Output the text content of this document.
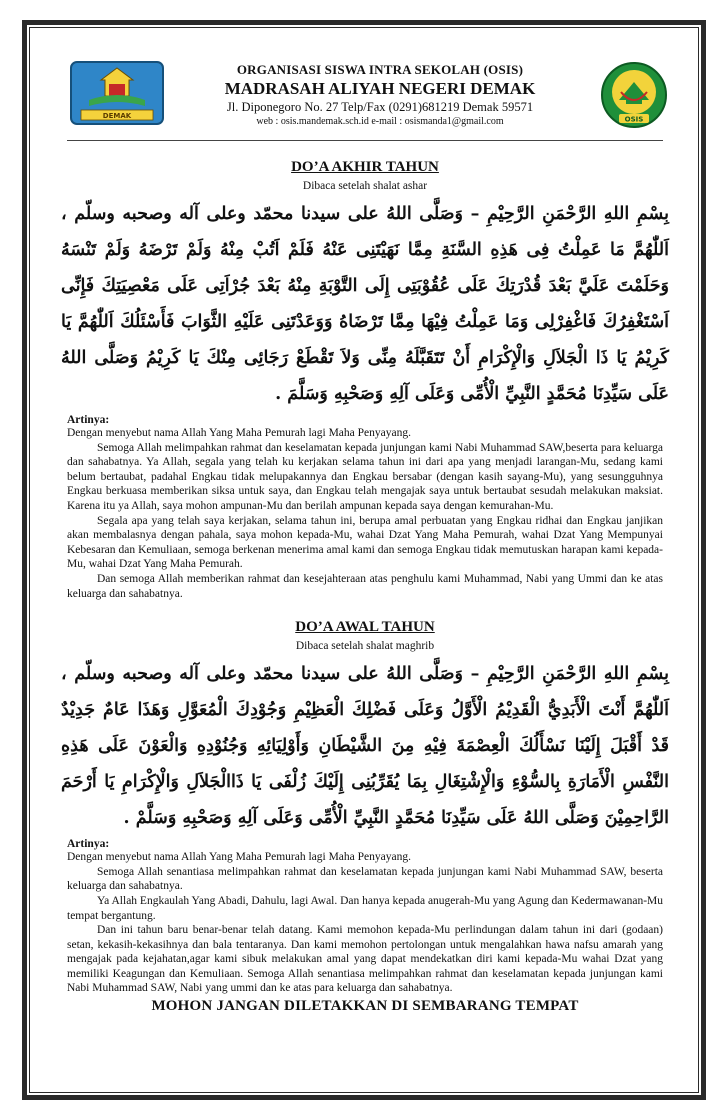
DEMAK
ORGANISASI SISWA INTRA SEKOLAH (OSIS)
MADRASAH ALIYAH NEGERI DEMAK
Jl. Diponegoro No. 27 Telp/Fax (0291)681219 Demak 59571
web : osis.mandemak.sch.id e-mail : osismanda1@gmail.com	OSIS
DO’A AKHIR TAHUN
Dibaca setelah shalat ashar
بِسْمِ اللهِ الرَّحْمَنِ الرَّحِيْمِ – وَصَلَّى اللهُ على سيدنا محمّد وعلى آله وصحبه وسلّم ، اَللّٰهُمَّ مَا عَمِلْتُ فِى هَذِهِ السَّنَةِ مِمَّا نَهَيْتَنِى عَنْهُ فَلَمْ اَتُبْ مِنْهُ وَلَمْ تَرْضَهُ وَلَمْ تَنْسَهُ وَحَلَمْتَ عَلَيَّ بَعْدَ قُدْرَتِكَ عَلَى عُقُوْبَتِى إِلَى التَّوْبَةِ مِنْهُ بَعْدَ جُرْاَتِى عَلَى مَعْصِيَتِكَ فَإِنِّى اَسْتَغْفِرُكَ فَاغْفِرْلِى وَمَا عَمِلْتُ فِيْهَا مِمَّا تَرْضَاهُ وَوَعَدْتَنِى عَلَيْهِ الثَّوَابَ فَأَسْئَلُكَ اَللّٰهُمَّ يَا كَرِيْمُ يَا ذَا الْجَلاَلِ وَالْإِكْرَامِ أَنْ تَتَقَبَّلَهُ مِنِّى وَلاَ تَقْطَعْ رَجَائِى مِنْكَ يَا كَرِيْمُ وَصَلَّى اللهُ عَلَى سَيِّدِنَا مُحَمَّدٍ النَّبِيِّ الْأُمِّى وَعَلَى آلِهِ وَصَحْبِهِ وَسَلَّمَ .
Artinya:

Dengan menyebut nama Allah Yang Maha Pemurah lagi Maha Penyayang.

Semoga Allah melimpahkan rahmat dan keselamatan kepada junjungan kami Nabi Muhammad SAW,beserta para keluarga dan sahabatnya. Ya Allah, segala yang telah ku kerjakan selama tahun ini dari apa yang menjadi larangan-Mu, sedang kami belum bertaubat, padahal Engkau tidak melupakannya dan Engkau bersabar (dengan kasih sayang-Mu), yang sesungguhnya Engkau berkuasa memberikan siksa untuk saya, dan Engkau telah mengajak saya untuk bertaubat sesudah melakukan maksiat. Karena itu ya Allah, saya mohon ampunan-Mu dan berilah ampunan kepada saya dengan kemurahan-Mu.

Segala apa yang telah saya kerjakan, selama tahun ini, berupa amal perbuatan yang Engkau ridhai dan Engkau janjikan akan membalasnya dengan pahala, saya mohon kepada-Mu, wahai Dzat Yang Maha Pemurah, wahai Dzat Yang Mempunyai Kebesaran dan Kemuliaan, semoga berkenan menerima amal kami dan semoga Engkau tidak memutuskan harapan kami kepada-Mu, wahai Dzat Yang Maha Pemurah.

Dan semoga Allah memberikan rahmat dan kesejahteraan atas penghulu kami Muhammad, Nabi yang Ummi dan ke atas keluarga dan sahabatnya.

DO’A AWAL TAHUN
Dibaca setelah shalat maghrib
بِسْمِ اللهِ الرَّحْمَنِ الرَّحِيْمِ – وَصَلَّى اللهُ على سيدنا محمّد وعلى آله وصحبه وسلّم ، اَللّٰهُمَّ أَنْتَ الْأَبَدِيُّ الْقَدِيْمُ الْأَوَّلُ وَعَلَى فَضْلِكَ الْعَظِيْمِ وَجُوْدِكَ الْمُعَوَّلِ وَهَذَا عَامٌ جَدِيْدٌ قَدْ أَقْبَلَ إِلَيْنَا نَسْأَلُكَ الْعِصْمَةَ فِيْهِ مِنَ الشَّيْطَانِ وَأَوْلِيَائِهِ وَجُنُوْدِهِ وَالْعَوْنَ عَلَى هَذِهِ النَّفْسِ الْأَمَارَةِ بِالسُّوْءِ وَالْإِشْتِغَالِ بِمَا يُقَرِّبُنِى إِلَيْكَ زُلْفَى يَا ذَاالْجَلاَلِ وَالْإِكْرَامِ يَا أَرْحَمَ الرَّاحِمِيْنَ وَصَلَّى اللهُ عَلَى سَيِّدِنَا مُحَمَّدٍ النَّبِيِّ الْأُمِّى وَعَلَى آلِهِ وَصَحْبِهِ وَسَلَّمْ .
Artinya:

Dengan menyebut nama Allah Yang Maha Pemurah lagi Maha Penyayang.

Semoga Allah senantiasa melimpahkan rahmat dan keselamatan kepada junjungan kami Nabi Muhammad SAW, beserta keluarga dan sahabatnya.

Ya Allah Engkaulah Yang Abadi, Dahulu, lagi Awal. Dan hanya kepada anugerah-Mu yang Agung dan Kedermawanan-Mu tempat bergantung.

Dan ini tahun baru benar-benar telah datang. Kami memohon kepada-Mu perlindungan dalam tahun ini dari (godaan) setan, kekasih-kekasihnya dan bala tentaranya. Dan kami memohon pertolongan untuk mengalahkan hawa nafsu amarah yang mengajak pada kejahatan,agar kami sibuk melakukan amal yang dapat mendekatkan diri kami kepada-Mu wahai Dzat yang memiliki Keagungan dan Kemuliaan. Semoga Allah senantiasa melimpahkan rahmat dan keselamatan kepada junjungan kami Nabi Muhammad SAW, Nabi yang ummi dan ke atas para keluarga dan sahabatnya.

MOHON JANGAN DILETAKKAN DI SEMBARANG TEMPAT
